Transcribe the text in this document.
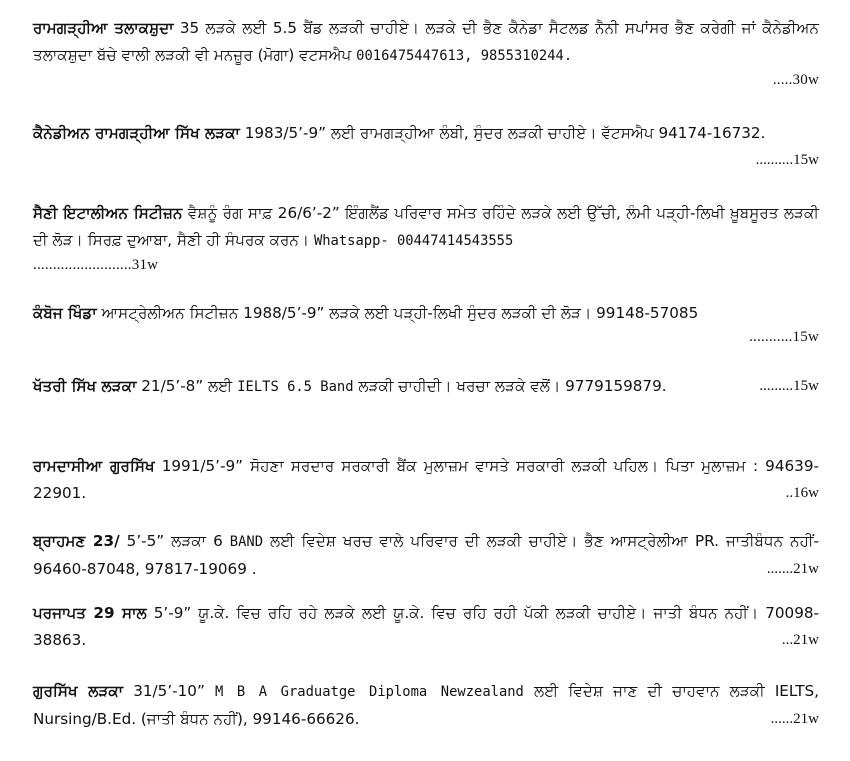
ਰਾਮਗੜ੍ਹੀਆ ਤਲਾਕਸ਼ੁਦਾ 35 ਲੜਕੇ ਲਈ 5.5 ਬੈਂਡ ਲੜਕੀ ਚਾਹੀਏ। ਲੜਕੇ ਦੀ ਭੈਣ ਕੈਨੇਡਾ ਸੈਟਲਡ ਨੈਨੀ ਸਪਾਂਸਰ ਭੈਣ ਕਰੇਗੀ ਜਾਂ ਕੈਨੇਡੀਅਨ ਤਲਾਕਸ਼ੁਦਾ ਬੱਚੇ ਵਾਲੀ ਲੜਕੀ ਵੀ ਮਨਜ਼ੂਰ (ਮੋਗਾ) ਵਟਸਐਪ 0016475447613, 9855310244.

.....30w

ਕੈਨੇਡੀਅਨ ਰਾਮਗੜ੍ਹੀਆ ਸਿੱਖ ਲੜਕਾ 1983/5’-9” ਲਈ ਰਾਮਗੜ੍ਹੀਆ ਲੰਬੀ, ਸੁੰਦਰ ਲੜਕੀ ਚਾਹੀਏ। ਵੱਟਸਐਪ 94174-16732.
..........15w

ਸੈਣੀ ਇਟਾਲੀਅਨ ਸਿਟੀਜ਼ਨ ਵੈਸ਼ਨੂੰ ਰੰਗ ਸਾਫ਼ 26/6’-2” ਇੰਗਲੈਂਡ ਪਰਿਵਾਰ ਸਮੇਤ ਰਹਿੰਦੇ ਲੜਕੇ ਲਈ ਉੱਚੀ, ਲੰਮੀ ਪੜ੍ਹੀ-ਲਿਖੀ ਖ਼ੂਬਸੂਰਤ ਲੜਕੀ ਦੀ ਲੋੜ। ਸਿਰਫ਼ ਦੁਆਬਾ, ਸੈਣੀ ਹੀ ਸੰਪਰਕ ਕਰਨ। Whatsapp- 00447414543555

.........................31w

ਕੰਬੋਜ ਖਿੰਡਾ ਆਸਟ੍ਰੇਲੀਅਨ ਸਿਟੀਜ਼ਨ 1988/5’-9” ਲੜਕੇ ਲਈ ਪੜ੍ਹੀ-ਲਿਖੀ ਸੁੰਦਰ ਲੜਕੀ ਦੀ ਲੋੜ। 99148-57085

...........15w

ਖੱਤਰੀ ਸਿੱਖ ਲੜਕਾ 21/5’-8” ਲਈ IELTS 6.5 Band ਲੜਕੀ ਚਾਹੀਦੀ। ਖਰਚਾ ਲੜਕੇ ਵਲੋਂ। 9779159879.	.........15w

ਰਾਮਦਾਸੀਆ ਗੁਰਸਿੱਖ 1991/5’-9” ਸੋਹਣਾ ਸਰਦਾਰ ਸਰਕਾਰੀ ਬੈਂਕ ਮੁਲਾਜ਼ਮ ਵਾਸਤੇ ਸਰਕਾਰੀ ਲੜਕੀ ਪਹਿਲ। ਪਿਤਾ ਮੁਲਾਜ਼ਮ : 94639-22901.	..16w

ਬ੍ਰਾਹਮਣ 23/ 5’-5” ਲੜਕਾ 6 BAND ਲਈ ਵਿਦੇਸ਼ ਖਰਚ ਵਾਲੇ ਪਰਿਵਾਰ ਦੀ ਲੜਕੀ ਚਾਹੀਏ। ਭੈਣ ਆਸਟ੍ਰੇਲੀਆ PR. ਜਾਤੀਬੰਧਨ ਨਹੀਂ- 96460-87048, 97817-19069 .	.......21w

ਪਰਜਾਪਤ 29 ਸਾਲ 5’-9” ਯੂ.ਕੇ. ਵਿਚ ਰਹਿ ਰਹੇ ਲੜਕੇ ਲਈ ਯੂ.ਕੇ. ਵਿਚ ਰਹਿ ਰਹੀ ਪੱਕੀ ਲੜਕੀ ਚਾਹੀਏ। ਜਾਤੀ ਬੰਧਨ ਨਹੀਂ। 70098-38863.	...21w

ਗੁਰਸਿੱਖ ਲੜਕਾ 31/5’-10” M B A Graduatge Diploma Newzealand ਲਈ ਵਿਦੇਸ਼ ਜਾਣ ਦੀ ਚਾਹਵਾਨ ਲੜਕੀ IELTS, Nursing/B.Ed. (ਜਾਤੀ ਬੰਧਨ ਨਹੀਂ), 99146-66626.	......21w
